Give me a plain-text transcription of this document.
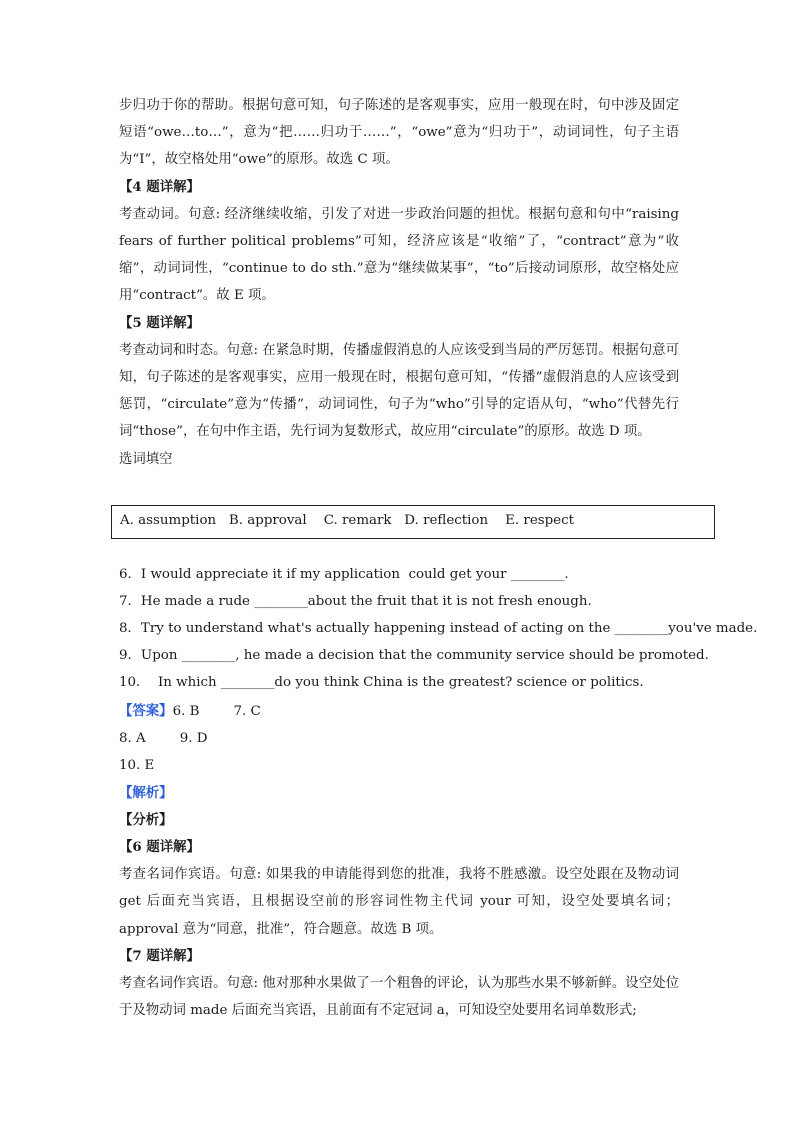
步归功于你的帮助。根据句意可知，句子陈述的是客观事实，应用一般现在时，句中涉及固定短语“owe…to…”，意为“把……归功于……”，“owe”意为“归功于”，动词词性，句子主语为“I”，故空格处用“owe”的原形。故选 C 项。

【4 题详解】

考查动词。句意: 经济继续收缩，引发了对进一步政治问题的担忧。根据句意和句中“raising fears of further political problems”可知，经济应该是“收缩”了，“contract”意为“收缩”，动词词性，“continue to do sth.”意为“继续做某事”，“to”后接动词原形，故空格处应用“contract”。故 E 项。

【5 题详解】

考查动词和时态。句意: 在紧急时期，传播虚假消息的人应该受到当局的严厉惩罚。根据句意可知，句子陈述的是客观事实，应用一般现在时，根据句意可知，“传播”虚假消息的人应该受到惩罚，“circulate”意为“传播”，动词词性，句子为“who”引导的定语从句，“who”代替先行词“those”，在句中作主语，先行词为复数形式，故应用“circulate”的原形。故选 D 项。

选词填空

A. assumption   B. approval    C. remark   D. reflection    E. respect
6．I would appreciate it if my application  could get your ________.
7．He made a rude ________about the fruit that it is not fresh enough.
8．Try to understand what's actually happening instead of acting on the ________you've made.
9．Upon ________, he made a decision that the community service should be promoted.
10．  In which ________do you think China is the greatest? science or politics.

【答案】6. B        7. C

8. A        9. D

10. E

【解析】

【分析】

【6 题详解】

考查名词作宾语。句意: 如果我的申请能得到您的批准，我将不胜感激。设空处跟在及物动词 get 后面充当宾语，且根据设空前的形容词性物主代词 your 可知，设空处要填名词；approval 意为“同意，批准”，符合题意。故选 B 项。

【7 题详解】

考查名词作宾语。句意: 他对那种水果做了一个粗鲁的评论，认为那些水果不够新鲜。设空处位于及物动词 made 后面充当宾语，且前面有不定冠词 a，可知设空处要用名词单数形式;
